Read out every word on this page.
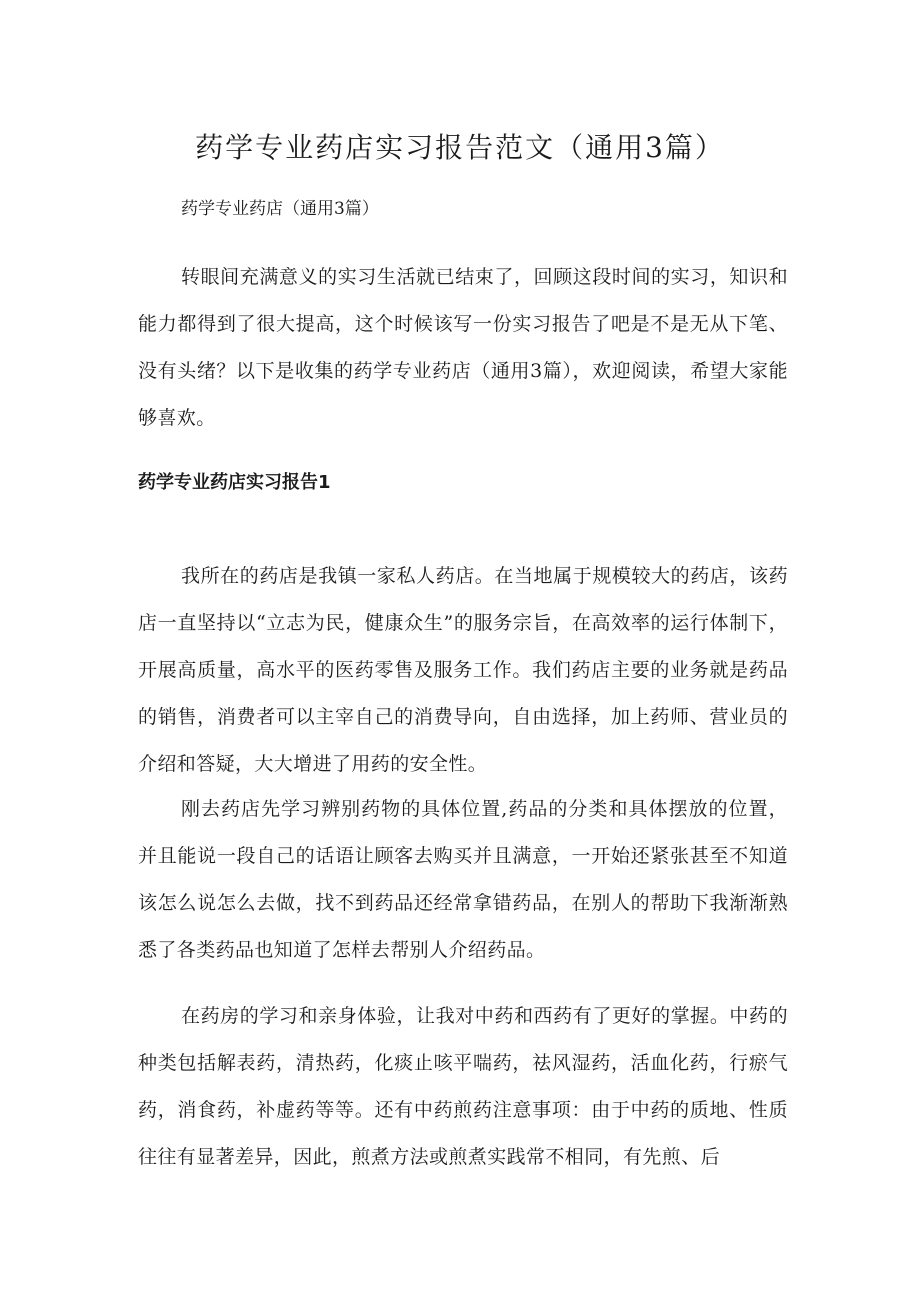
药学专业药店实习报告范文（通用3篇）
药学专业药店（通用3篇）

转眼间充满意义的实习生活就已结束了，回顾这段时间的实习，知识和能力都得到了很大提高，这个时候该写一份实习报告了吧是不是无从下笔、没有头绪？以下是收集的药学专业药店（通用3篇），欢迎阅读，希望大家能够喜欢。

药学专业药店实习报告1

我所在的药店是我镇一家私人药店。在当地属于规模较大的药店，该药店一直坚持以“立志为民，健康众生”的服务宗旨，在高效率的运行体制下，开展高质量，高水平的医药零售及服务工作。我们药店主要的业务就是药品的销售，消费者可以主宰自己的消费导向，自由选择，加上药师、营业员的介绍和答疑，大大增进了用药的安全性。

刚去药店先学习辨别药物的具体位置,药品的分类和具体摆放的位置，并且能说一段自己的话语让顾客去购买并且满意，一开始还紧张甚至不知道该怎么说怎么去做，找不到药品还经常拿错药品，在别人的帮助下我渐渐熟悉了各类药品也知道了怎样去帮别人介绍药品。

在药房的学习和亲身体验，让我对中药和西药有了更好的掌握。中药的种类包括解表药，清热药，化痰止咳平喘药，祛风湿药，活血化药，行瘀气药，消食药，补虚药等等。还有中药煎药注意事项：由于中药的质地、性质往往有显著差异，因此，煎煮方法或煎煮实践常不相同，有先煎、后
